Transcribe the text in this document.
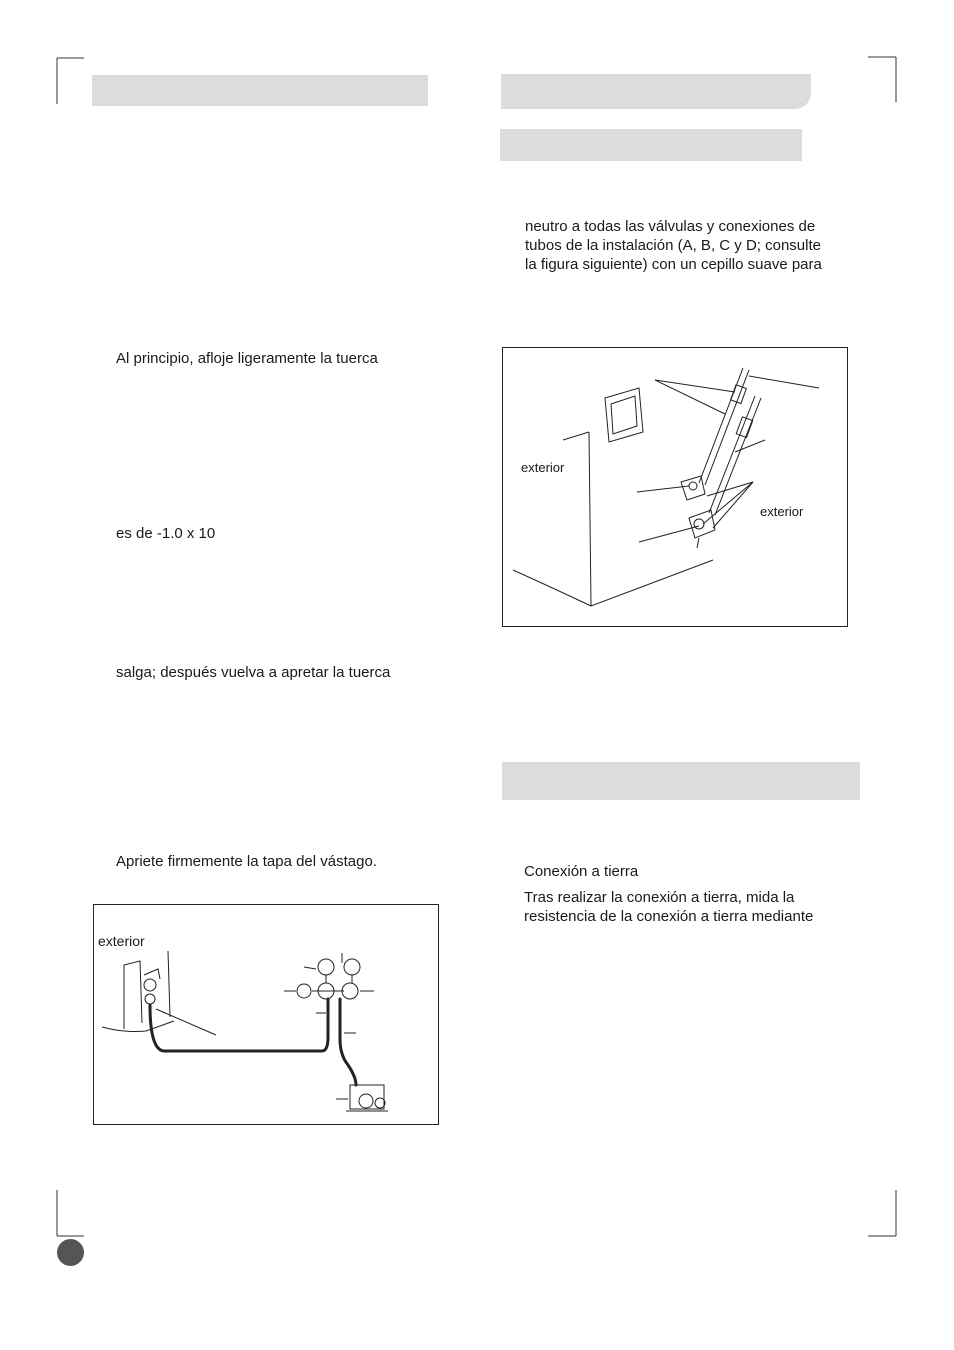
Al principio, afloje ligeramente la tuerca
es de -1.0 x 10
salga; después vuelva a apretar la tuerca
Apriete firmemente la tapa del vástago.
neutro a todas las válvulas y conexiones de
tubos de la instalación (A, B, C y D; consulte
la figura siguiente) con un cepillo suave para
Conexión a tierra
Tras realizar la conexión a tierra, mida la
resistencia de la conexión a tierra mediante
exterior
exterior
exterior
